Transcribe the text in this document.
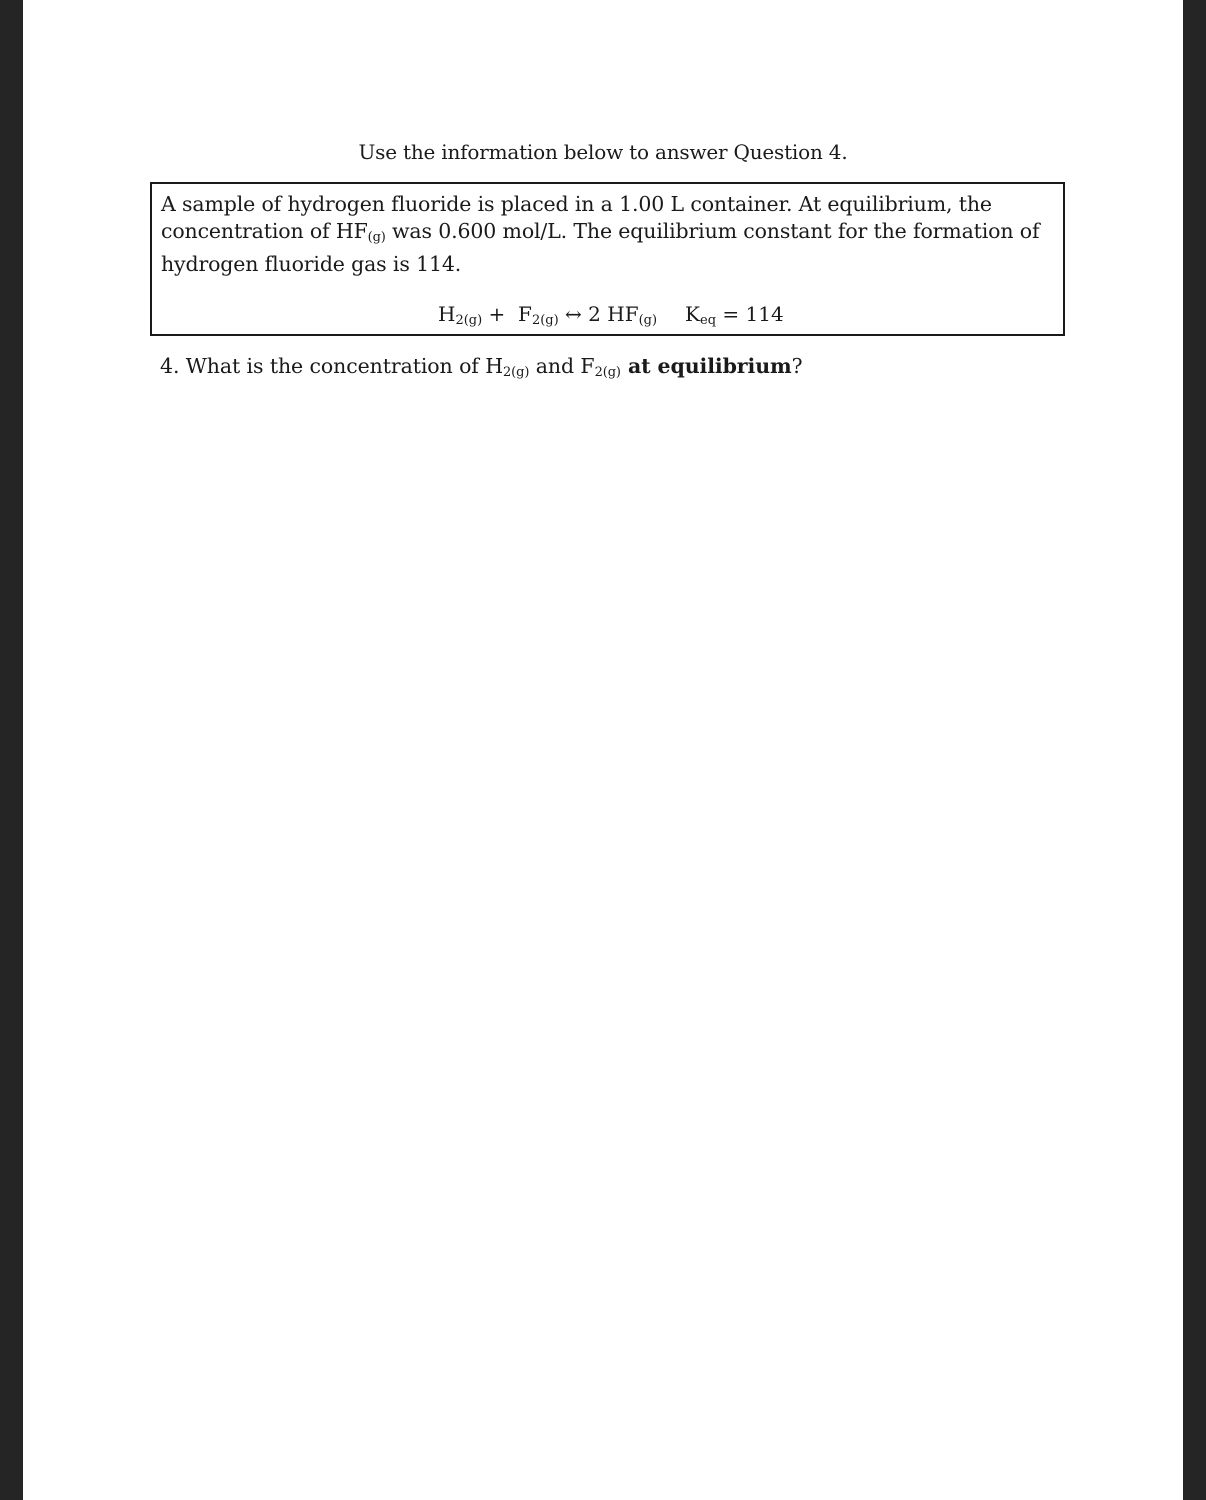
Use the information below to answer Question 4.
A sample of hydrogen fluoride is placed in a 1.00 L container. At equilibrium, the
concentration of $HF_{(g)}$ was 0.600 mol/L. The equilibrium constant for the formation of
hydrogen fluoride gas is 114.
$H_{2(g)} + F_{2(g)}$ ↔ 2 $HF_{(g)}$ $K_{eq} = 114$
4. What is the concentration of $H_{2(g)}$ and $F_{2(g)}$ at equilibrium?
